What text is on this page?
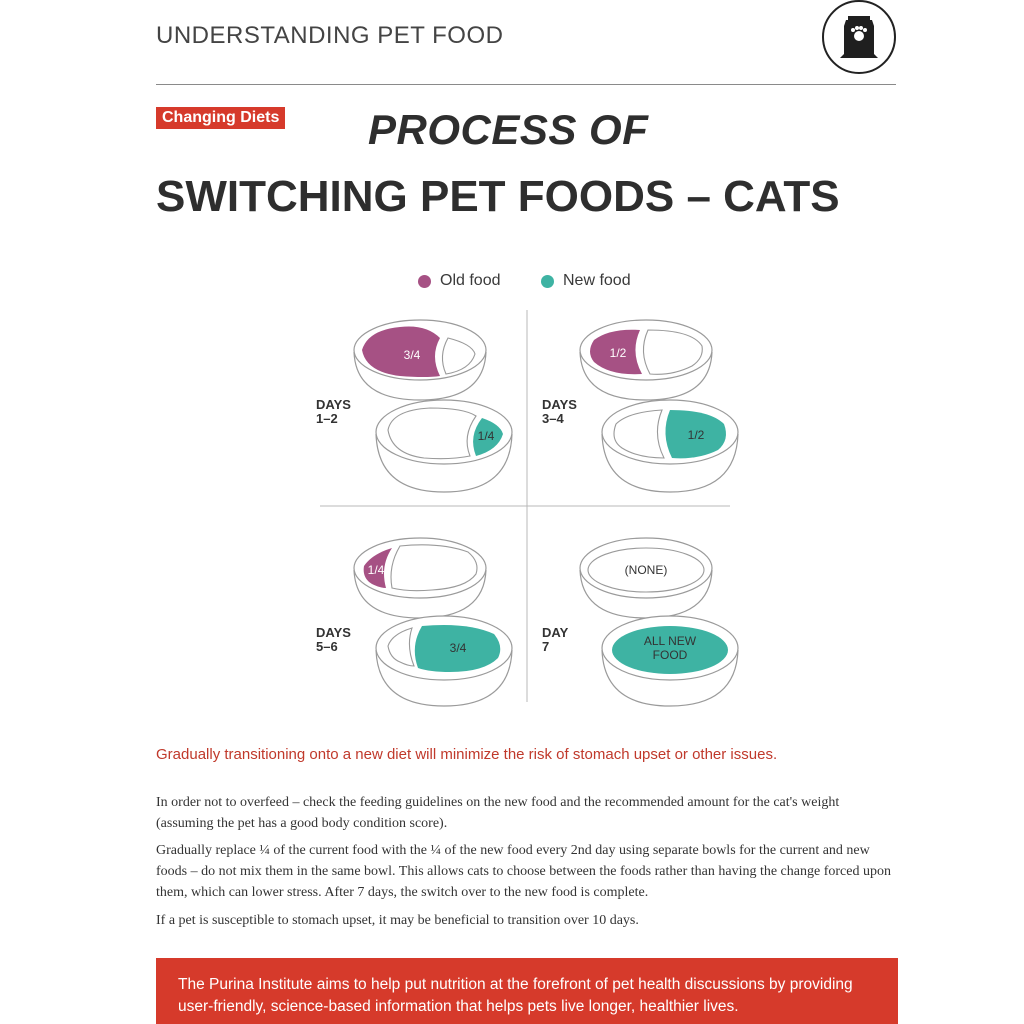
UNDERSTANDING PET FOOD
Changing Diets PROCESS OF
SWITCHING PET FOODS – CATS
Old food	New food
3/4
1/4
DAYS
1–2
1/2
1/2
DAYS
3–4
1/4
3/4
DAYS
5–6
(NONE)
ALL NEW
FOOD
DAY
7
Gradually transitioning onto a new diet will minimize the risk of stomach upset or other issues.

In order not to overfeed – check the feeding guidelines on the new food and the recommended amount for the cat's weight (assuming the pet has a good body condition score).

Gradually replace ¼ of the current food with the ¼ of the new food every 2nd day using separate bowls for the current and new foods – do not mix them in the same bowl. This allows cats to choose between the foods rather than having the change forced upon them, which can lower stress. After 7 days, the switch over to the new food is complete.

If a pet is susceptible to stomach upset, it may be beneficial to transition over 10 days.

The Purina Institute aims to help put nutrition at the forefront of pet health discussions by providing user-friendly, science-based information that helps pets live longer, healthier lives.
